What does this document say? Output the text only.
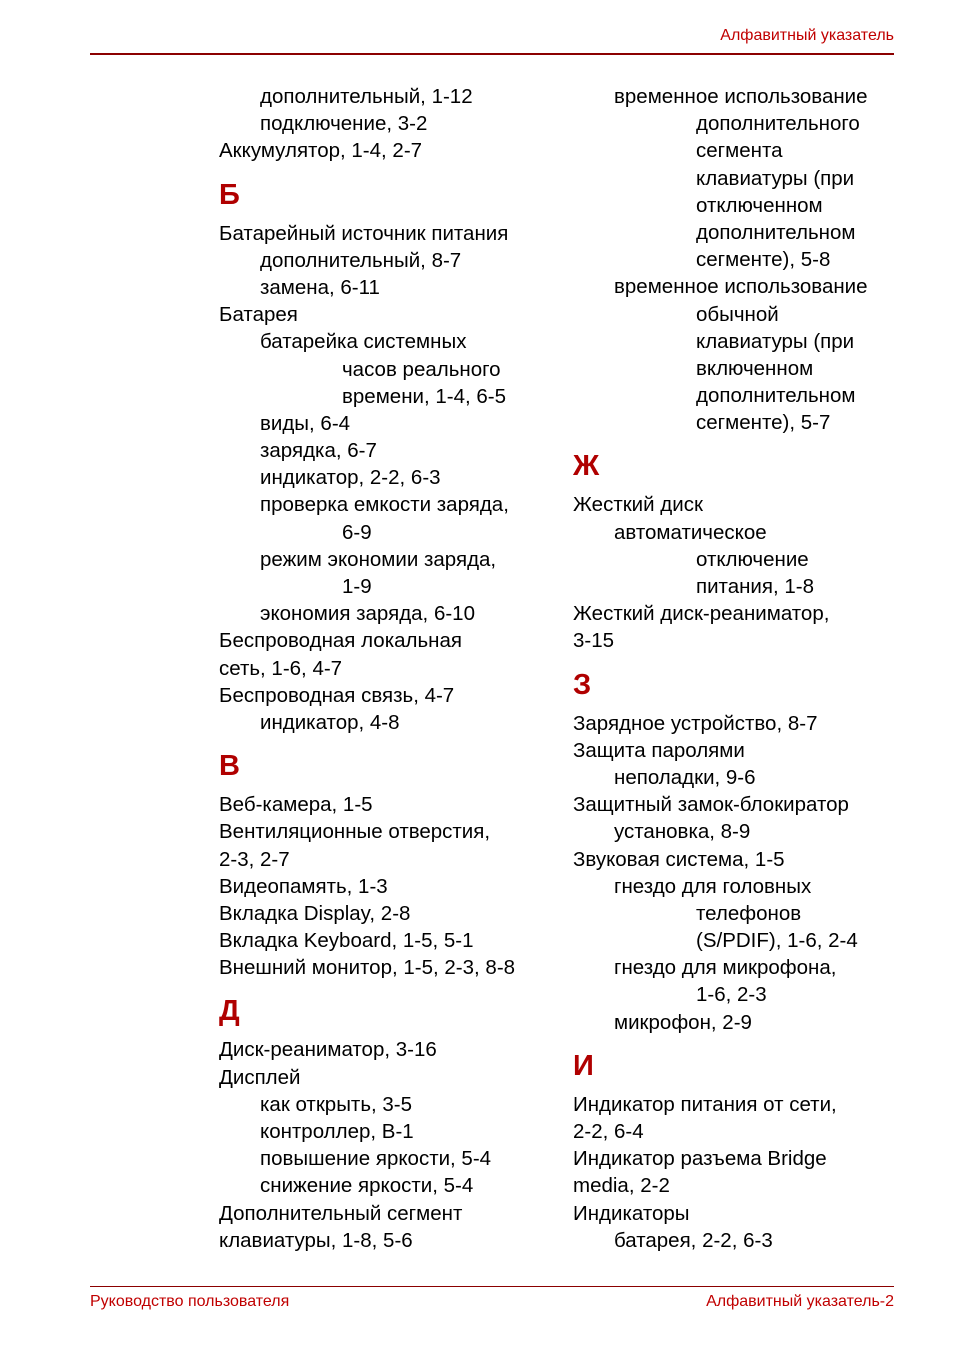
Алфавитный указатель
дополнительный, 1-12
подключение, 3-2
Аккумулятор, 1-4, 2-7
Б
Батарейный источник питания
дополнительный, 8-7
замена, 6-11
Батарея
батарейка системных
часов реального
времени, 1-4, 6-5
виды, 6-4
зарядка, 6-7
индикатор, 2-2, 6-3
проверка емкости заряда,
6-9
режим экономии заряда,
1-9
экономия заряда, 6-10
Беспроводная локальная
сеть, 1-6, 4-7
Беспроводная связь, 4-7
индикатор, 4-8
В
Веб-камера, 1-5
Вентиляционные отверстия,
2-3, 2-7
Видеопамять, 1-3
Вкладка Display, 2-8
Вкладка Keyboard, 1-5, 5-1
Внешний монитор, 1-5, 2-3, 8-8
Д
Диск-реаниматор, 3-16
Дисплей
как открыть, 3-5
контроллер, В-1
повышение яркости, 5-4
снижение яркости, 5-4
Дополнительный сегмент
клавиатуры, 1-8, 5-6
временное использование
дополнительного
сегмента
клавиатуры (при
отключенном
дополнительном
сегменте), 5-8
временное использование
обычной
клавиатуры (при
включенном
дополнительном
сегменте), 5-7
Ж
Жесткий диск
автоматическое
отключение
питания, 1-8
Жесткий диск-реаниматор,
3-15
З
Зарядное устройство, 8-7
Защита паролями
неполадки, 9-6
Защитный замок-блокиратор
установка, 8-9
Звуковая система, 1-5
гнездо для головных
телефонов
(S/PDIF), 1-6, 2-4
гнездо для микрофона,
1-6, 2-3
микрофон, 2-9
И
Индикатор питания от сети,
2-2, 6-4
Индикатор разъема Bridge
media, 2-2
Индикаторы
батарея, 2-2, 6-3
Руководство пользователя	Алфавитный указатель-2
